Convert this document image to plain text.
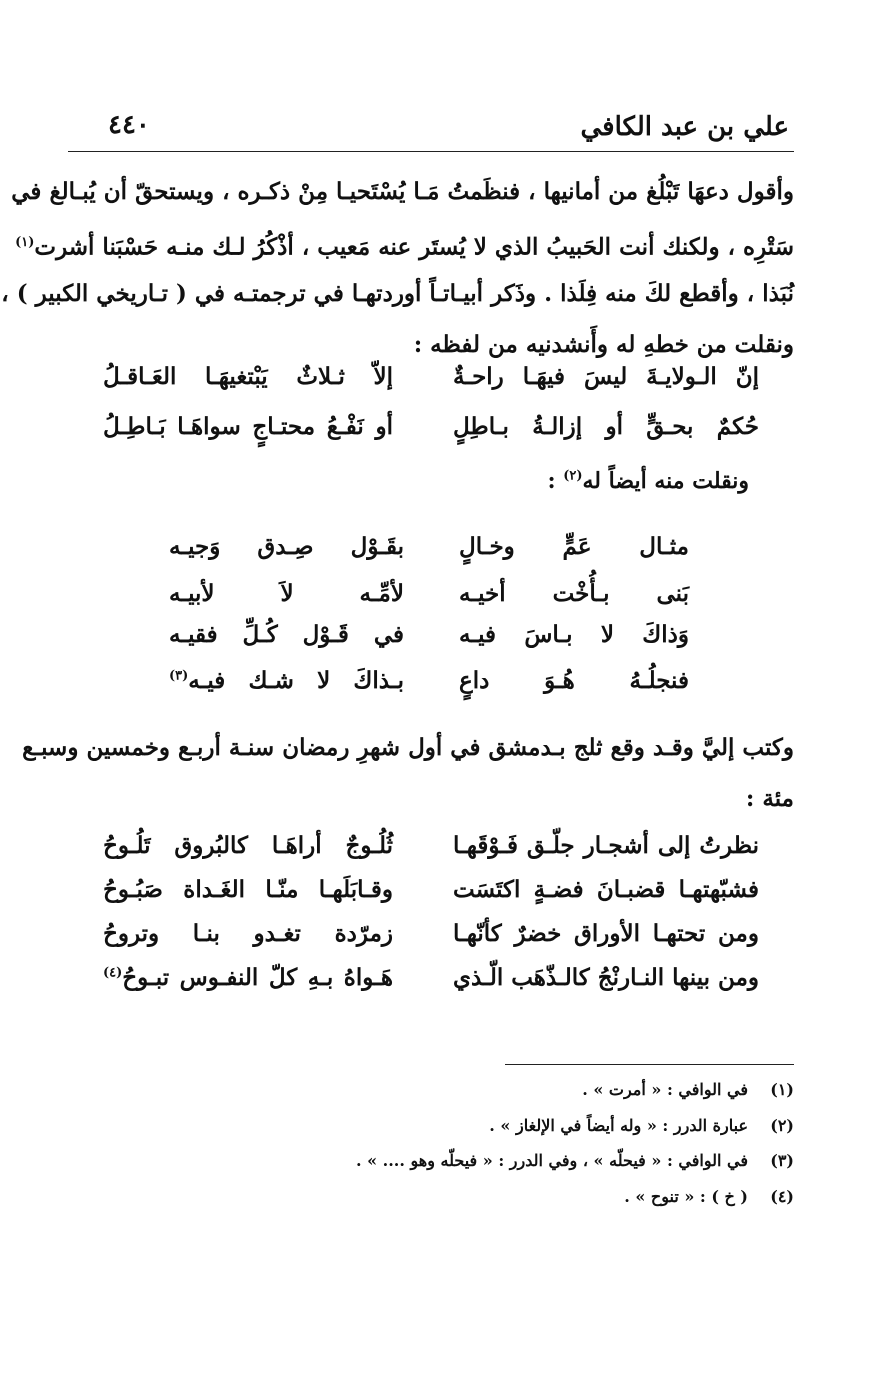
علي بن عبد الكافي
٤٤٠
وأقول دعهَا تَبْلُغ من أمانيها ، فنظَمتُ مَـا يُسْتَحيـا مِنْ ذكـره ، ويستحقّ أن يُبـالغ في
سَتْرِه ، ولكنك أنت الحَبيبُ الذي لا يُستَر عنه مَعيب ، أذْكُرُ لـك منـه حَسْبَنا أشرت$^{(١)}$
نُبَذا ، وأقطع لكَ منه فِلَذا . وذَكر أبيـاتـاً أوردتهـا في ترجمتـه في ( تـاريخي الكبير ) ،
ونقلت من خطهِ له وأَنشدنيه من لفظه :
إنّ الـولايـةَ ليسَ فيهَـا راحـةٌ
إلاّ ثـلاثٌ يَبْتغيهَـا العَـاقـلُ
حُكمٌ بحـقٍّ أو إزالـةُ بـاطِلٍ
أو نَفْـعُ محتـاجٍ سواهَـا بَـاطِـلُ
ونقلت منه أيضاً له$^{(٢)}$ :
مثـال عَمٍّ وخـالٍ
بقَـوْل صِـدق وَجيـه
بَنى بـأُخْت أخيـه
لأمِّـه لاَ لأبيـه
وَذاكَ لا بـاسَ فيـه
في قَـوْل كُـلِّ فقيـه
فنجلُـهُ هُـوَ داعٍ
بـذاكَ لا شـك فيـه$^{(٣)}$
وكتب إليَّ وقـد وقع ثلج بـدمشق في أول شهرِ رمضان سنـة أربـع وخمسين وسبـع
مئة :
نظرتُ إلى أشجـار جلّـق فَـوْقَهـا
ثُلُـوجٌ أراهَـا كالبُروق تَلُـوحُ
فشبّهتهـا قضبـانَ فضـةٍ اكتَسَت
وقـابَلَهـا منّـا الغَـداة صَبُـوحُ
ومن تحتهـا الأوراق خضرٌ كأنّهـا
زمرّدة تغـدو بنـا وتروحُ
ومن بينها النـارنْجُ كالـذّهَب الّـذي
هَـواهُ بـهِ كلّ النفـوس تبـوحُ$^{(٤)}$
(١)
في الوافي : « أمرت » .
(٢)
عبارة الدرر : « وله أيضاً في الإلغاز » .
(٣)
في الوافي : « فيحلّه » ، وفي الدرر : « فيحلّه وهو .... » .
(٤)
( خ ) : « تنوح » .
